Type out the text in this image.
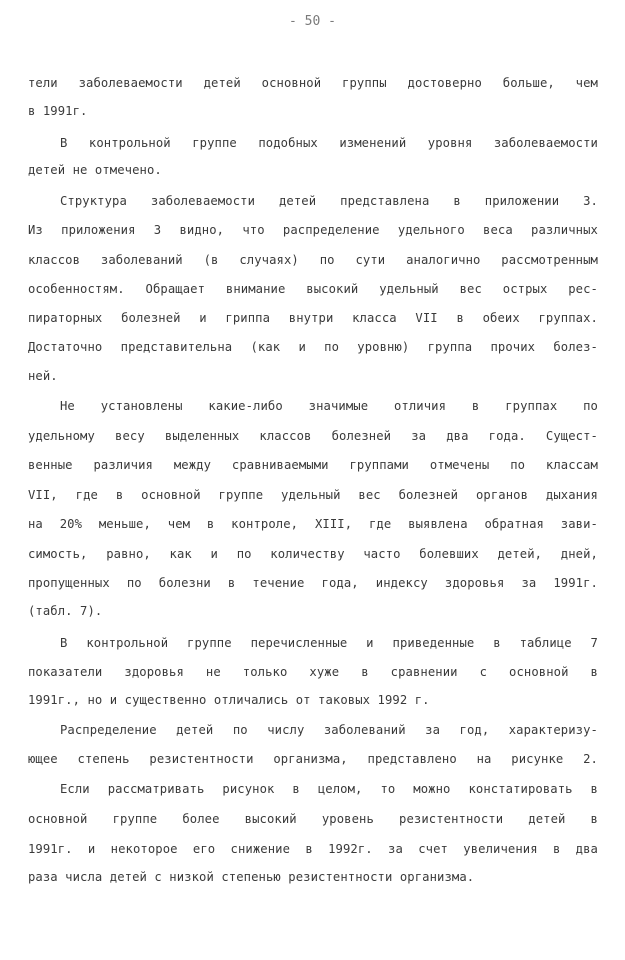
- 50 -
тели заболеваемости детей основной группы достоверно больше, чем
в 1991г.
В контрольной группе подобных изменений уровня заболеваемости
детей не отмечено.
Структура заболеваемости детей представлена в приложении 3.
Из приложения 3 видно, что распределение удельного веса различных
классов заболеваний (в случаях) по сути аналогично рассмотренным
особенностям. Обращает внимание высокий удельный вес острых рес-
пираторных болезней и гриппа внутри класса VII в обеих группах.
Достаточно представительна (как и по уровню) группа прочих болез-
ней.
Не установлены какие-либо значимые отличия в группах по
удельному весу выделенных классов болезней за два года. Сущест-
венные различия между сравниваемыми группами отмечены по классам
VII, где в основной группе удельный вес болезней органов дыхания
на 20% меньше, чем в контроле, XIII, где выявлена обратная зави-
симость, равно, как и по количеству часто болевших детей, дней,
пропущенных по болезни в течение года, индексу здоровья за 1991г.
(табл. 7).
В контрольной группе перечисленные и приведенные в таблице 7
показатели здоровья не только хуже в сравнении с основной в
1991г., но и существенно отличались от таковых 1992 г.
Распределение детей по числу заболеваний за год, характеризу-
ющее степень резистентности организма, представлено на рисунке 2.
Если рассматривать рисунок в целом, то можно констатировать в
основной группе более высокий уровень резистентности детей в
1991г. и некоторое его снижение в 1992г. за счет увеличения в два
раза числа детей с низкой степенью резистентности организма.
